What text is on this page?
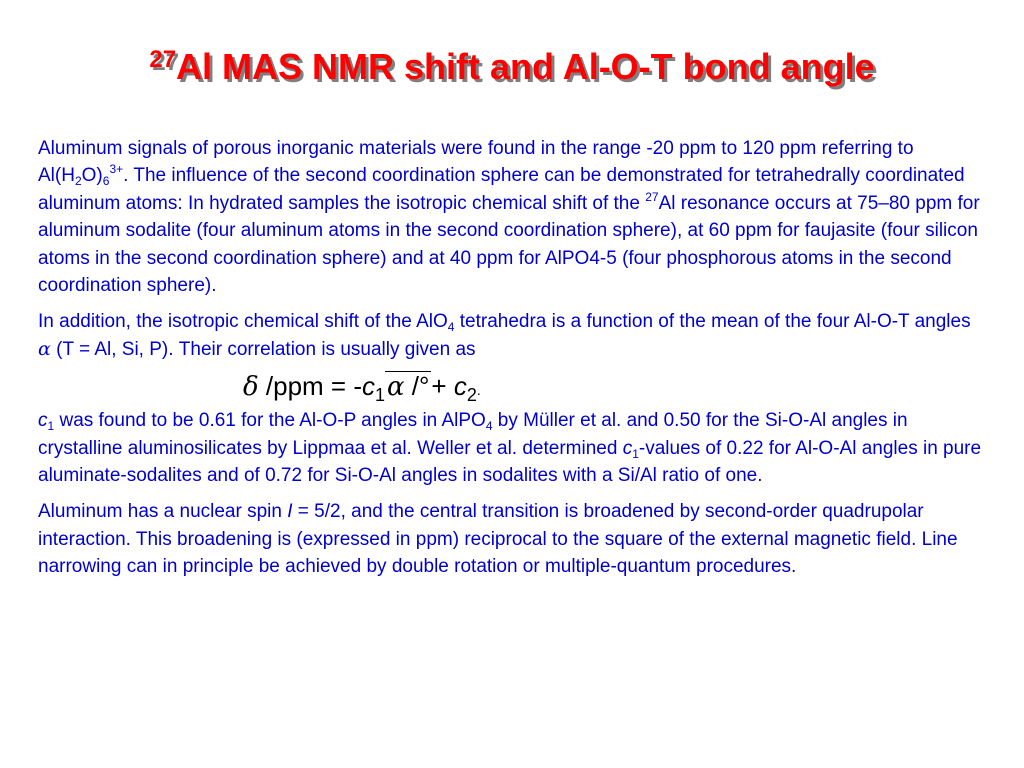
$^{27}$Al MAS NMR shift and Al-O-T bond angle

Aluminum signals of porous inorganic materials were found in the range -20 ppm to 120 ppm referring to $Al(H_2O)_6^{3+}$. The influence of the second coordination sphere can be demonstrated for tetrahedrally coordinated aluminum atoms: In hydrated samples the isotropic chemical shift of the $^{27}$Al resonance occurs at 75–80 ppm for aluminum sodalite (four aluminum atoms in the second coordination sphere), at 60 ppm for faujasite (four silicon atoms in the second coordination sphere) and at 40 ppm for AlPO4-5 (four phosphorous atoms in the second coordination sphere).

In addition, the isotropic chemical shift of the AlO$_4$ tetrahedra is a function of the mean of the four Al-O-T angles α (T = Al, Si, P). Their correlation is usually given as

δ $/ppm = -c_1\alpha$ /°+ $c_2$.

$c_1$ was found to be 0.61 for the Al-O-P angles in AlPO$_4$ by Müller et al. and 0.50 for the Si-O-Al angles in crystalline aluminosilicates by Lippmaa et al. Weller et al. determined $c_1$-values of 0.22 for Al-O-Al angles in pure aluminate-sodalites and of 0.72 for Si-O-Al angles in sodalites with a Si/Al ratio of one.

Aluminum has a nuclear spin I = 5/2, and the central transition is broadened by second-order quadrupolar interaction. This broadening is (expressed in ppm) reciprocal to the square of the external magnetic field. Line narrowing can in principle be achieved by double rotation or multiple-quantum procedures.
